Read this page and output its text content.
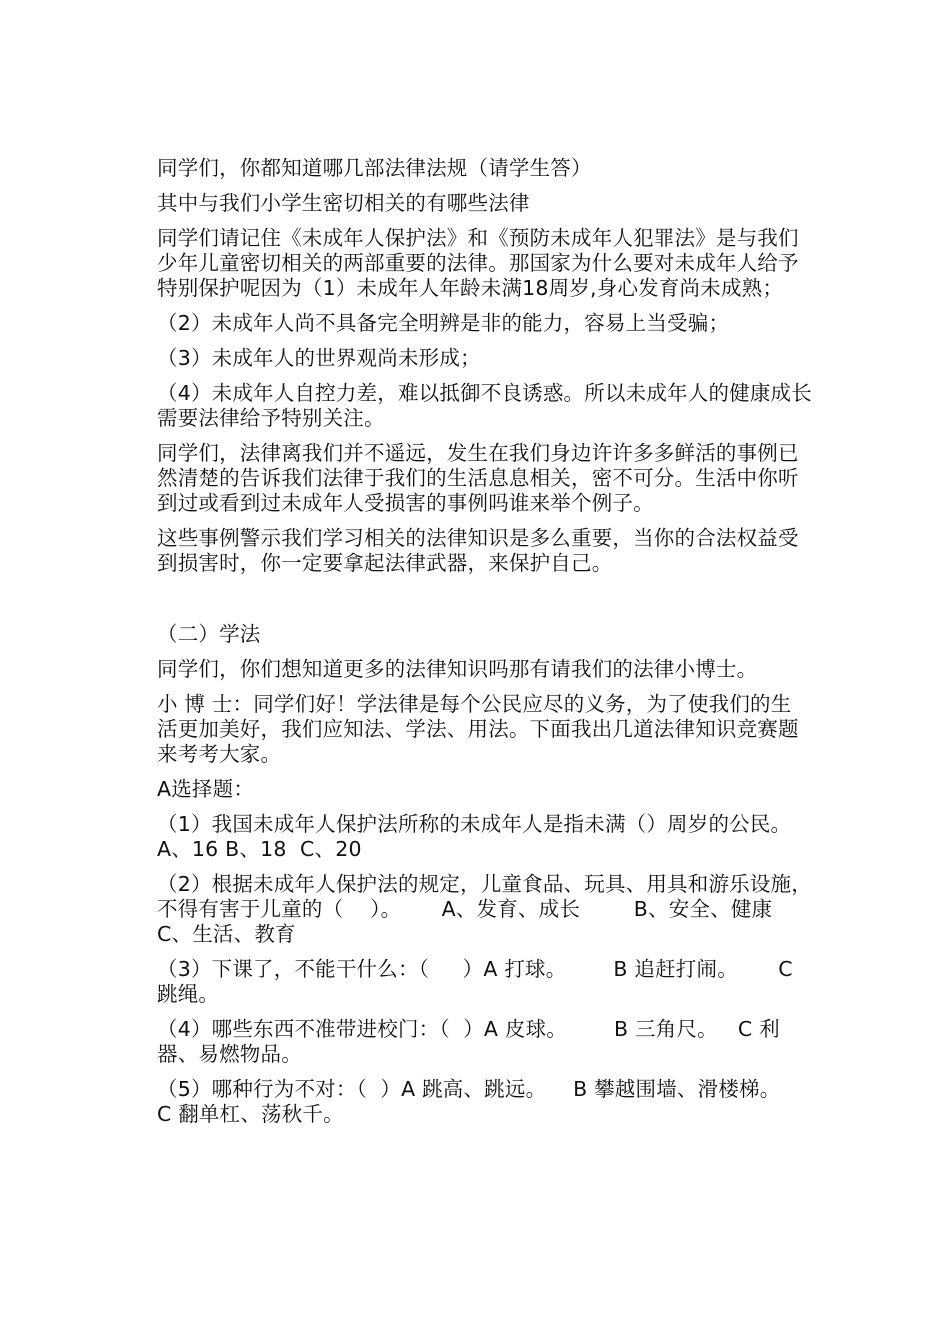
同学们，你都知道哪几部法律法规（请学生答）

其中与我们小学生密切相关的有哪些法律

同学们请记住《未成年人保护法》和《预防未成年人犯罪法》是与我们少年儿童密切相关的两部重要的法律。那国家为什么要对未成年人给予特别保护呢因为（1）未成年人年龄未满18周岁,身心发育尚未成熟；

（2）未成年人尚不具备完全明辨是非的能力，容易上当受骗；

（3）未成年人的世界观尚未形成；

（4）未成年人自控力差，难以抵御不良诱惑。所以未成年人的健康成长需要法律给予特别关注。

同学们，法律离我们并不遥远，发生在我们身边许许多多鲜活的事例已然清楚的告诉我们法律于我们的生活息息相关，密不可分。生活中你听到过或看到过未成年人受损害的事例吗谁来举个例子。

这些事例警示我们学习相关的法律知识是多么重要，当你的合法权益受到损害时，你一定要拿起法律武器，来保护自己。

（二）学法

同学们，你们想知道更多的法律知识吗那有请我们的法律小博士。

小 博 士：同学们好！学法律是每个公民应尽的义务，为了使我们的生活更加美好，我们应知法、学法、用法。下面我出几道法律知识竞赛题来考考大家。

A选择题：

（1）我国未成年人保护法所称的未成年人是指未满（）周岁的公民。A、16 B、18  C、20

（2）根据未成年人保护法的规定，儿童食品、玩具、用具和游乐设施，不得有害于儿童的（    ）。      A、发育、成长        B、安全、健康         C、生活、教育

（3）下课了，不能干什么：（     ）A 打球。       B 追赶打闹。      C 跳绳。

（4）哪些东西不准带进校门：（  ）A 皮球。       B 三角尺。   C 利器、易燃物品。

（5）哪种行为不对：（  ）A 跳高、跳远。    B 攀越围墙、滑楼梯。   C 翻单杠、荡秋千。
